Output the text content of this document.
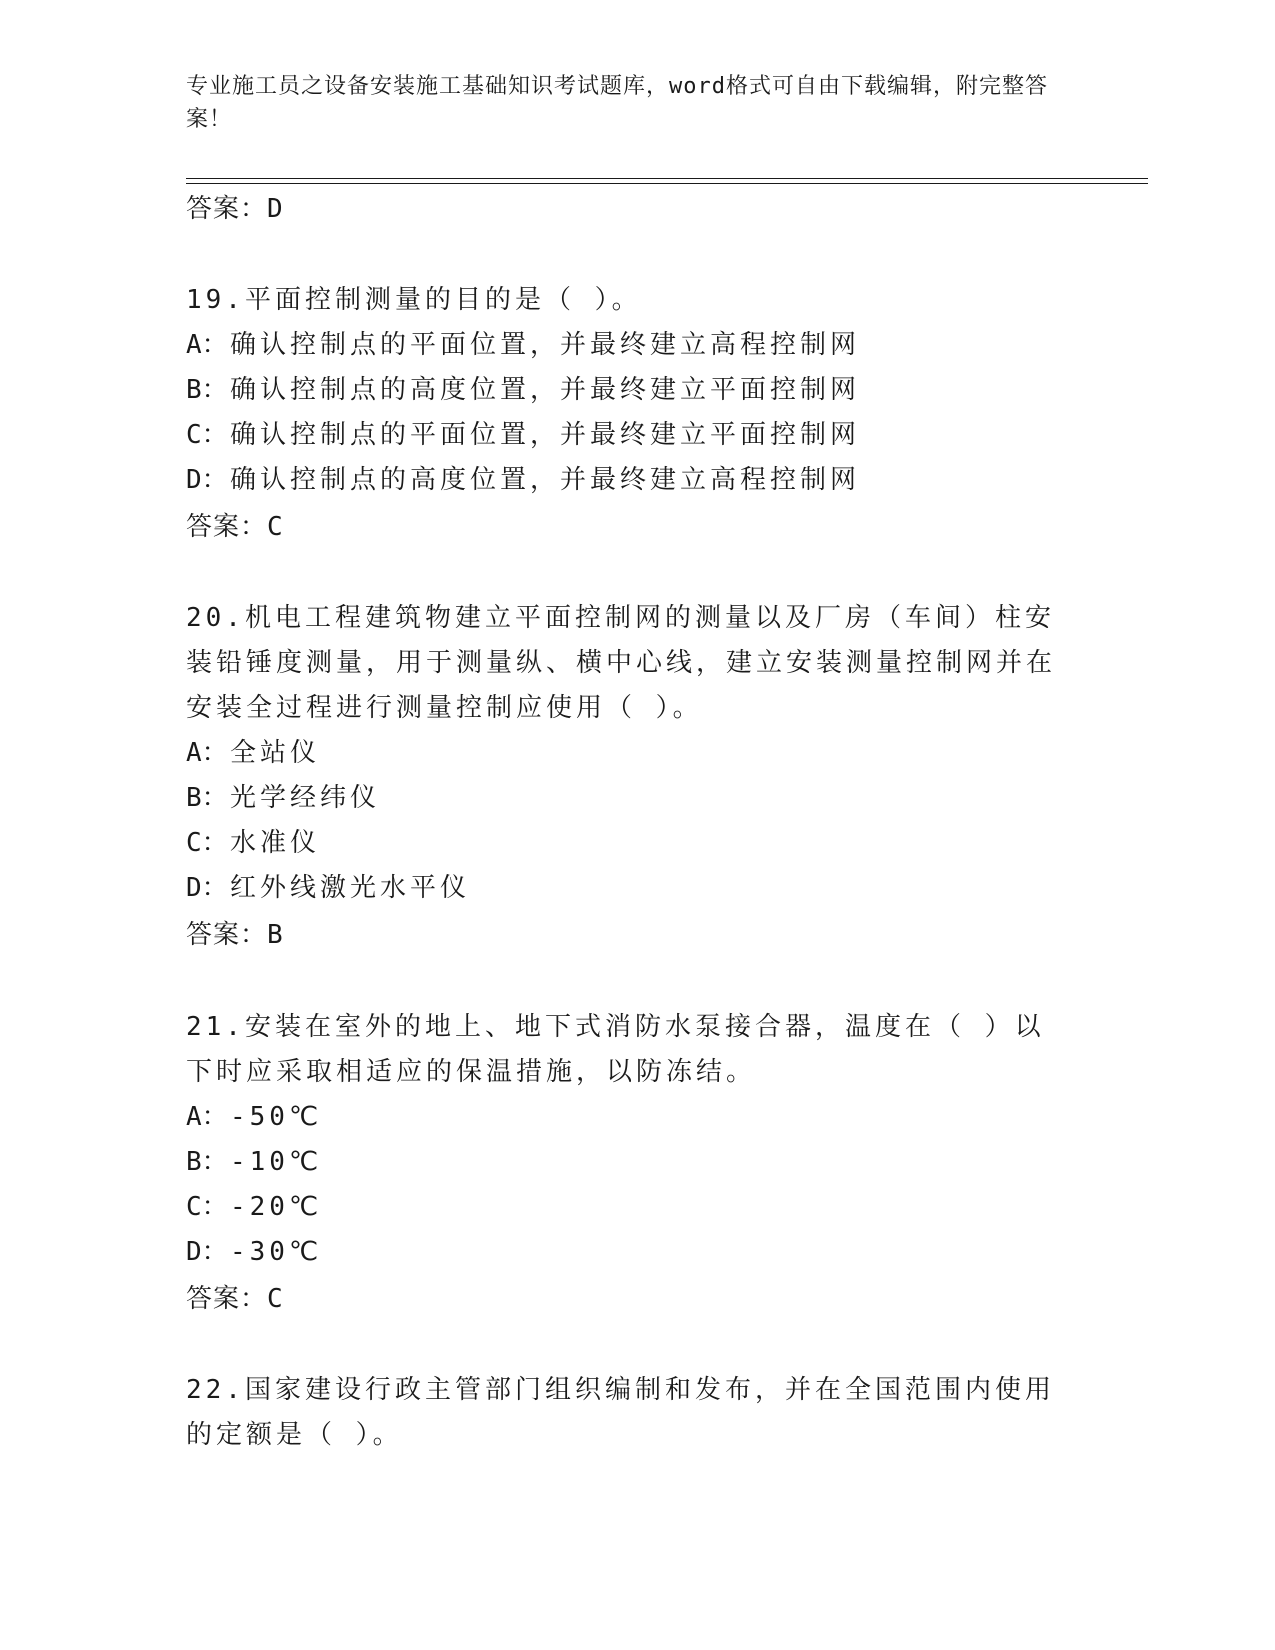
专业施工员之设备安装施工基础知识考试题库，word格式可自由下载编辑，附完整答案！
答案：D
19.平面控制测量的目的是（ ）。
A：确认控制点的平面位置，并最终建立高程控制网
B：确认控制点的高度位置，并最终建立平面控制网
C：确认控制点的平面位置，并最终建立平面控制网
D：确认控制点的高度位置，并最终建立高程控制网
答案：C
20.机电工程建筑物建立平面控制网的测量以及厂房（车间）柱安装铅锤度测量，用于测量纵、横中心线，建立安装测量控制网并在安装全过程进行测量控制应使用（ ）。
A：全站仪
B：光学经纬仪
C：水准仪
D：红外线激光水平仪
答案：B
21.安装在室外的地上、地下式消防水泵接合器，温度在（ ）以下时应采取相适应的保温措施，以防冻结。
A：-50℃
B：-10℃
C：-20℃
D：-30℃
答案：C
22.国家建设行政主管部门组织编制和发布，并在全国范围内使用的定额是（ ）。
